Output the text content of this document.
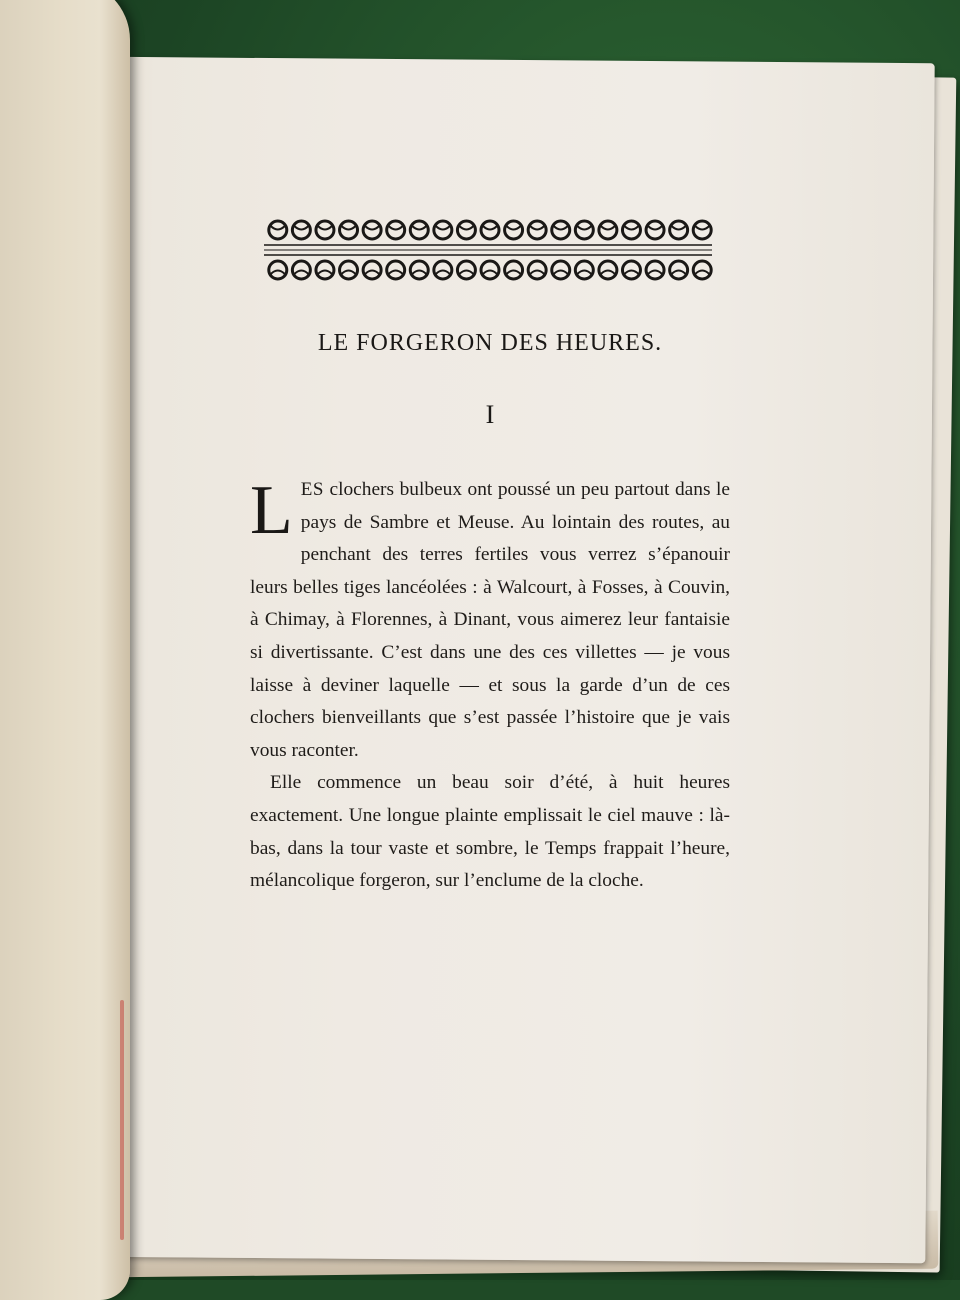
LE FORGERON DES HEURES.
I

LES clochers bulbeux ont poussé un peu partout dans le pays de Sambre et Meuse. Au lointain des routes, au penchant des terres fertiles vous verrez s’épanouir leurs belles tiges lancéolées : à Walcourt, à Fosses, à Couvin, à Chimay, à Florennes, à Dinant, vous aimerez leur fantaisie si divertissante. C’est dans une des ces villettes — je vous laisse à deviner laquelle — et sous la garde d’un de ces clochers bienveillants que s’est passée l’histoire que je vais vous raconter.

Elle commence un beau soir d’été, à huit heures exactement. Une longue plainte emplissait le ciel mauve : là-bas, dans la tour vaste et sombre, le Temps frappait l’heure, mélancolique forgeron, sur l’enclume de la cloche.
